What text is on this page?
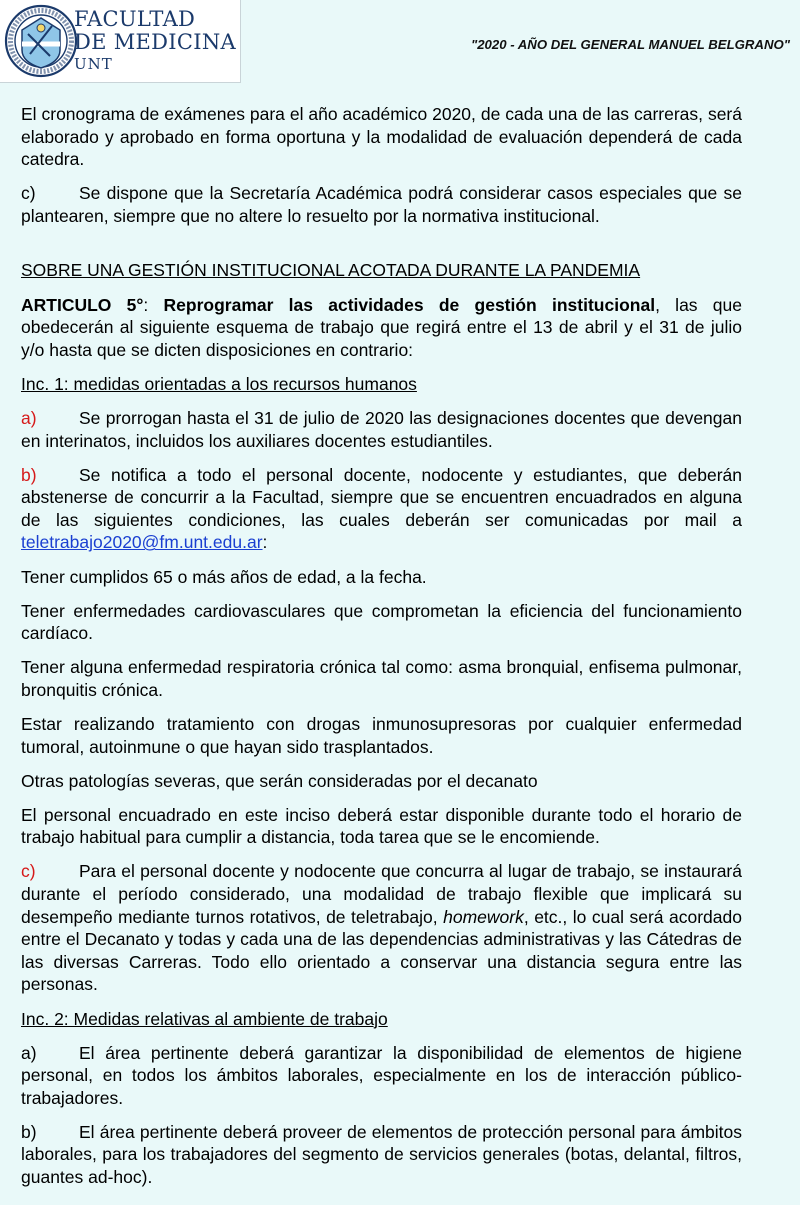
FACULTAD
DE MEDICINA
UNT
"2020 - AÑO DEL GENERAL MANUEL BELGRANO"

El cronograma de exámenes para el año académico 2020, de cada una de las carreras, será elaborado y aprobado en forma oportuna y la modalidad de evaluación dependerá de cada catedra.

c) Se dispone que la Secretaría Académica podrá considerar casos especiales que se plantearen, siempre que no altere lo resuelto por la normativa institucional.

SOBRE UNA GESTIÓN INSTITUCIONAL ACOTADA DURANTE LA PANDEMIA

ARTICULO 5°: Reprogramar las actividades de gestión institucional, las que obedecerán al siguiente esquema de trabajo que regirá entre el 13 de abril y el 31 de julio y/o hasta que se dicten disposiciones en contrario:

Inc. 1: medidas orientadas a los recursos humanos

a) Se prorrogan hasta el 31 de julio de 2020 las designaciones docentes que devengan en interinatos, incluidos los auxiliares docentes estudiantiles.

b) Se notifica a todo el personal docente, nodocente y estudiantes, que deberán abstenerse de concurrir a la Facultad, siempre que se encuentren encuadrados en alguna de las siguientes condiciones, las cuales deberán ser comunicadas por mail a teletrabajo2020@fm.unt.edu.ar:

Tener cumplidos 65 o más años de edad, a la fecha.

Tener enfermedades cardiovasculares que comprometan la eficiencia del funcionamiento cardíaco.

Tener alguna enfermedad respiratoria crónica tal como: asma bronquial, enfisema pulmonar, bronquitis crónica.

Estar realizando tratamiento con drogas inmunosupresoras por cualquier enfermedad tumoral, autoinmune o que hayan sido trasplantados.

Otras patologías severas, que serán consideradas por el decanato

El personal encuadrado en este inciso deberá estar disponible durante todo el horario de trabajo habitual para cumplir a distancia, toda tarea que se le encomiende.

c) Para el personal docente y nodocente que concurra al lugar de trabajo, se instaurará durante el período considerado, una modalidad de trabajo flexible que implicará su desempeño mediante turnos rotativos, de teletrabajo, homework, etc., lo cual será acordado entre el Decanato y todas y cada una de las dependencias administrativas y las Cátedras de las diversas Carreras. Todo ello orientado a conservar una distancia segura entre las personas.

Inc. 2: Medidas relativas al ambiente de trabajo

a) El área pertinente deberá garantizar la disponibilidad de elementos de higiene personal, en todos los ámbitos laborales, especialmente en los de interacción público-trabajadores.

b) El área pertinente deberá proveer de elementos de protección personal para ámbitos laborales, para los trabajadores del segmento de servicios generales (botas, delantal, filtros, guantes ad-hoc).
